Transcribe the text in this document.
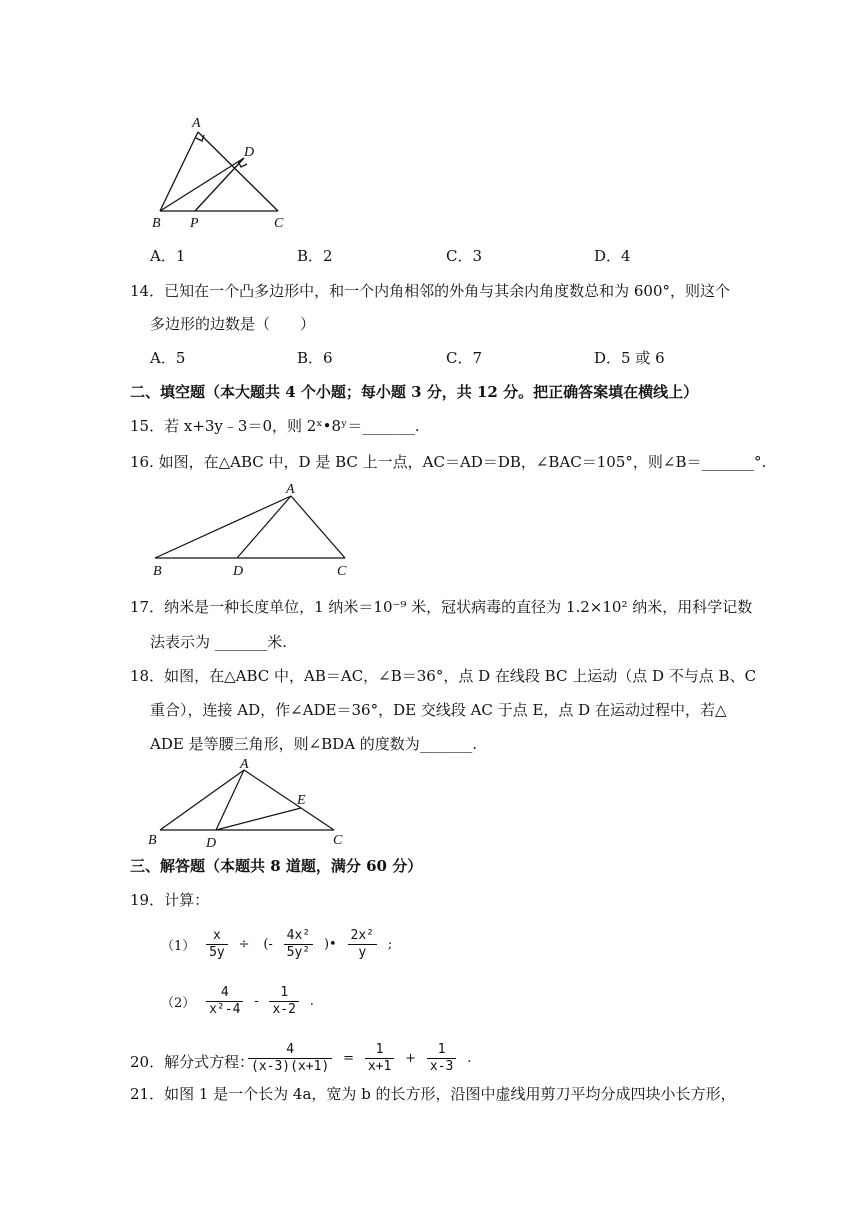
A
D
B P	C
A．1	B．2	C．3	D．4
14．已知在一个凸多边形中，和一个内角相邻的外角与其余内角度数总和为 600°，则这个
多边形的边数是（　　）
A．5	B．6	C．7	D．5 或 6
二、填空题（本大题共 4 个小题；每小题 3 分，共 12 分。把正确答案填在横线上）
15．若 x+3y﹣3＝0，则 2ˣ•8ʸ＝_______.
16. 如图，在△ABC 中，D 是 BC 上一点，AC＝AD＝DB，∠BAC＝105°，则∠B＝_______°.
A
B	D	C
17．纳米是一种长度单位，1 纳米＝10⁻⁹ 米，冠状病毒的直径为 1.2×10² 纳米，用科学记数
法表示为 _______米.
18．如图，在△ABC 中，AB＝AC，∠B＝36°，点 D 在线段 BC 上运动（点 D 不与点 B、C
重合），连接 AD，作∠ADE＝36°，DE 交线段 AC 于点 E，点 D 在运动过程中，若△
ADE 是等腰三角形，则∠BDA 的度数为_______.
A
E
B	D	C
三、解答题（本题共 8 道题，满分 60 分）
19．计算：
$(1) \frac{x}{5y}$ ÷ (- $\frac{\text{4x²}}{\text{5y²}}$ )• $\frac{\text{2x²}}{y}$ ;
$(2) \frac{4}{\text{x²-4}} - \frac{1}{x-2}$ .
20．解分式方程：
$\frac{4}{(x-3)(x+1)} = \frac{1}{x+1} + \frac{1}{x-3}$ .
21．如图 1 是一个长为 4a，宽为 b 的长方形，沿图中虚线用剪刀平均分成四块小长方形，
